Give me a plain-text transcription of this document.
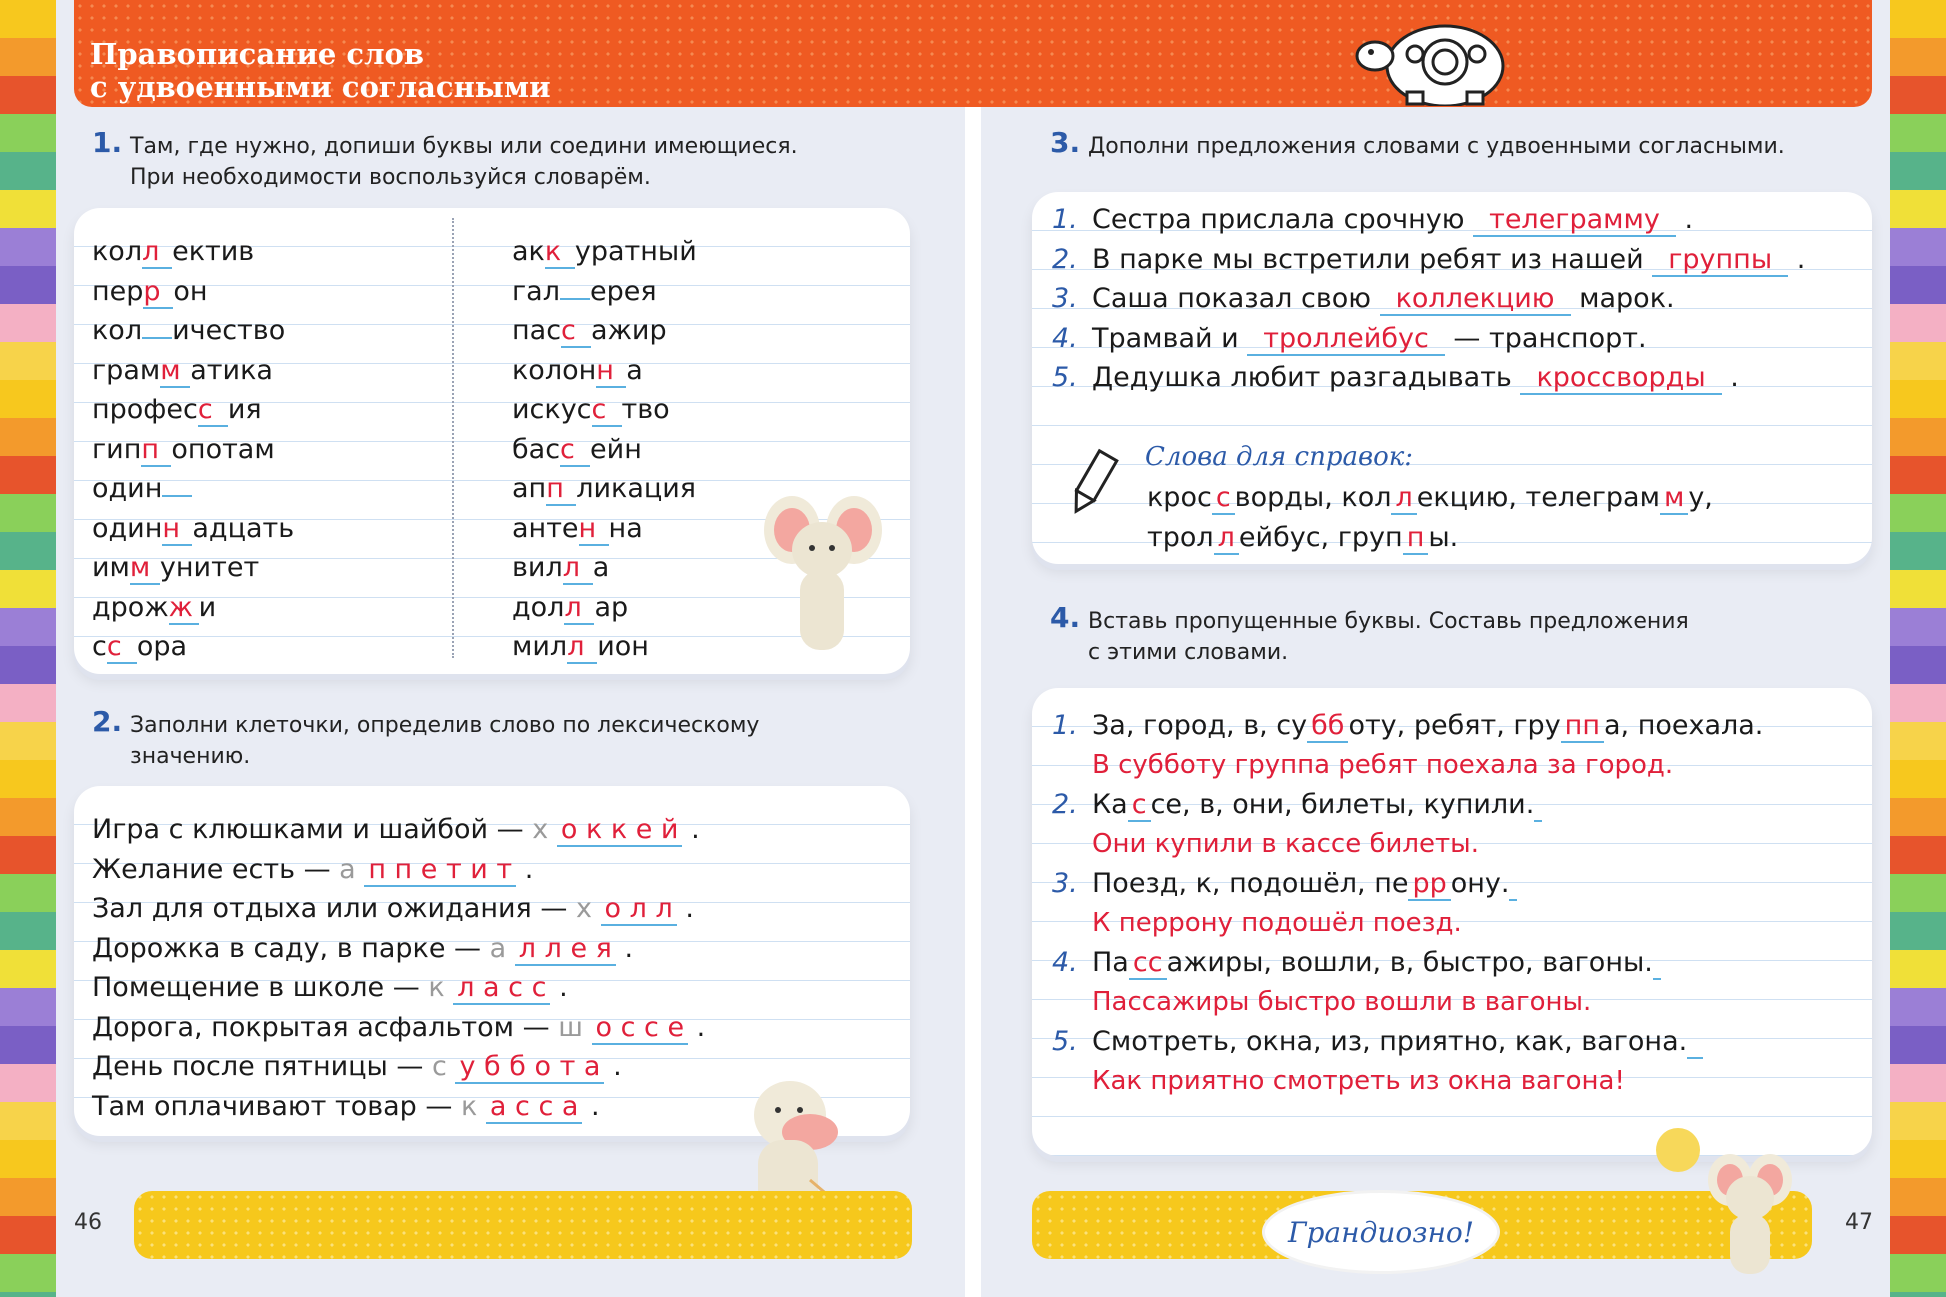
Правописание слов
с удвоенными согласными
1. Там, где нужно, допиши буквы или соедини имеющиеся.
При необходимости воспользуйся словарём.
колл ектив
перр он
кол ичество
грамм атика
професс ия
гипп опотам
один
одинн адцать
имм унитет
дрожж и
сс ора
акк уратный
гал ерея
пасс ажир
колонн а
искусс тво
басс ейн
апп ликация
антен на
вилл а
долл ар
милл ион
2. Заполни клеточки, определив слово по лексическому
значению.
Игра с клюшками и шайбой — х о к к е й .
Желание есть — а п п е т и т .
Зал для отдыха или ожидания — х о л л .
Дорожка в саду, в парке — а л л е я .
Помещение в школе — к л а с с .
Дорога, покрытая асфальтом — ш о с с е .
День после пятницы — с у б б о т а .
Там оплачивают товар — к а с с а .
3. Дополни предложения словами с удвоенными согласными.
1. Сестра прислала срочную телеграмму .
2. В парке мы встретили ребят из нашей группы .
3. Саша показал свою коллекцию марок.
4. Трамвай и троллейбус — транспорт.
5. Дедушка любит разгадывать кроссворды .
Слова для справок:
крос с ворды, кол л екцию, телеграм м у,
трол л ейбус, груп п ы.
4. Вставь пропущенные буквы. Составь предложения
с этими словами.
1. За, город, в, су бб оту, ребят, гру пп а, поехала.
В субботу группа ребят поехала за город.
2. Ка с се, в, они, билеты, купили.
Они купили в кассе билеты.
3. Поезд, к, подошёл, пе рр ону.
К перрону подошёл поезд.
4. Па сс ажиры, вошли, в, быстро, вагоны.
Пассажиры быстро вошли в вагоны.
5. Смотреть, окна, из, приятно, как, вагона.
Как приятно смотреть из окна вагона!
46	47
Грандиозно!
